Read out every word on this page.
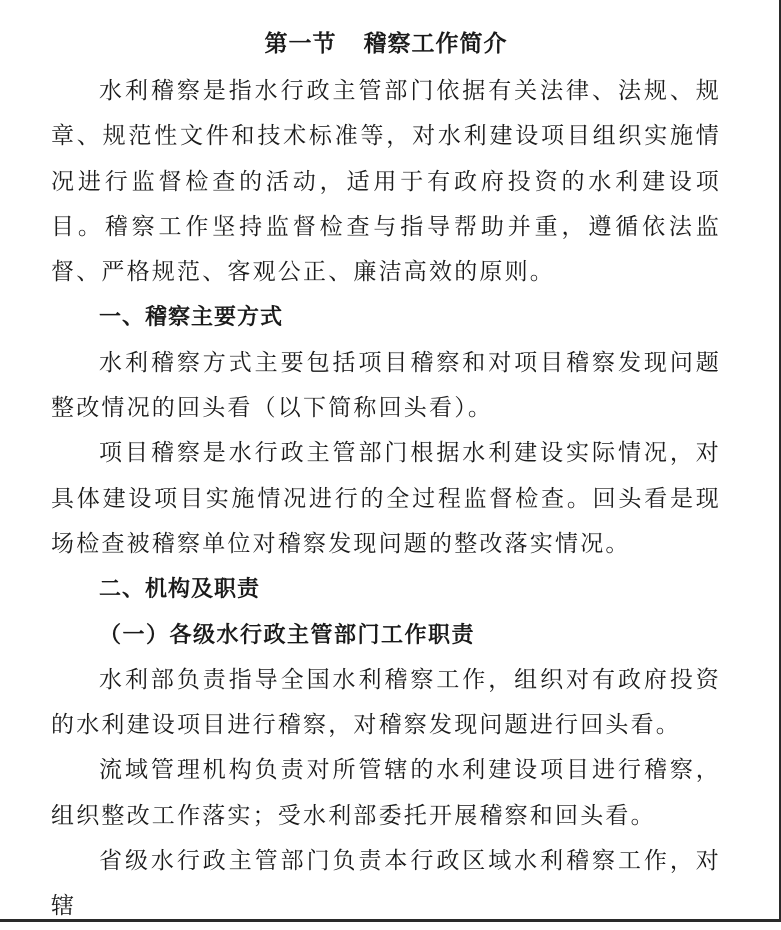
第一节   稽察工作简介

水利稽察是指水行政主管部门依据有关法律、法规、规章、规范性文件和技术标准等，对水利建设项目组织实施情况进行监督检查的活动，适用于有政府投资的水利建设项目。稽察工作坚持监督检查与指导帮助并重，遵循依法监督、严格规范、客观公正、廉洁高效的原则。

一、稽察主要方式

水利稽察方式主要包括项目稽察和对项目稽察发现问题整改情况的回头看（以下简称回头看）。

项目稽察是水行政主管部门根据水利建设实际情况，对具体建设项目实施情况进行的全过程监督检查。回头看是现场检查被稽察单位对稽察发现问题的整改落实情况。

二、机构及职责
（一）各级水行政主管部门工作职责

水利部负责指导全国水利稽察工作，组织对有政府投资的水利建设项目进行稽察，对稽察发现问题进行回头看。

流域管理机构负责对所管辖的水利建设项目进行稽察，组织整改工作落实；受水利部委托开展稽察和回头看。

省级水行政主管部门负责本行政区域水利稽察工作，对辖
